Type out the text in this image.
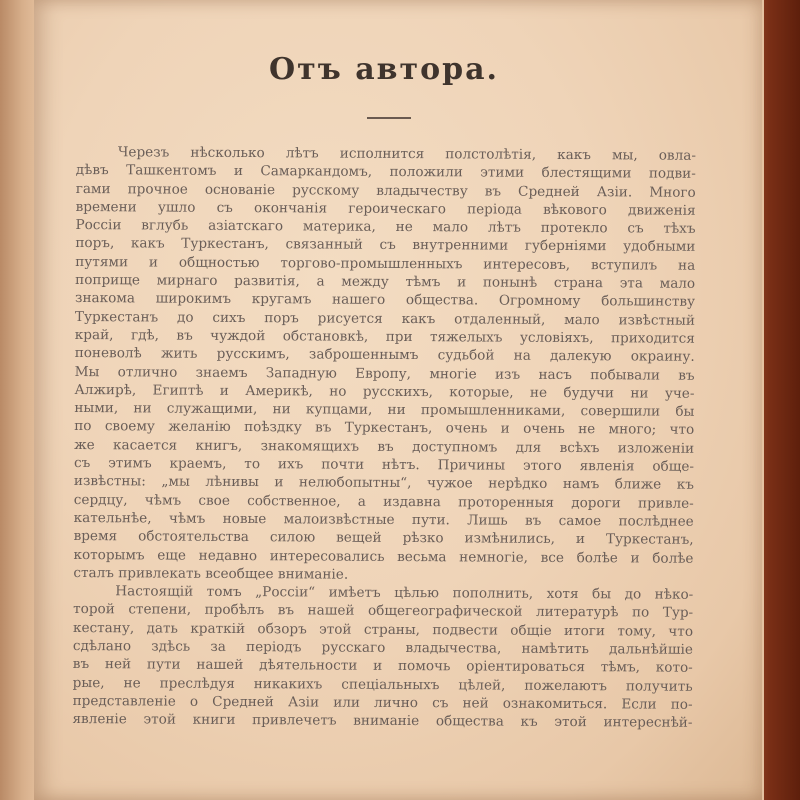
Отъ автора.
Черезъ нѣсколько лѣтъ исполнится полстолѣтія, какъ мы, овла-
дѣвъ Ташкентомъ и Самаркандомъ, положили этими блестящими подви-
гами прочное основаніе русскому владычеству въ Средней Азіи. Много
времени ушло съ окончанія героическаго періода вѣкового движенія
Россіи вглубь азіатскаго материка, не мало лѣтъ протекло съ тѣхъ
поръ, какъ Туркестанъ, связанный съ внутренними губерніями удобными
путями и общностью торгово-промышленныхъ интересовъ, вступилъ на
поприще мирнаго развитія, а между тѣмъ и понынѣ страна эта мало
знакома широкимъ кругамъ нашего общества. Огромному большинству
Туркестанъ до сихъ поръ рисуется какъ отдаленный, мало извѣстный
край, гдѣ, въ чуждой обстановкѣ, при тяжелыхъ условіяхъ, приходится
поневолѣ жить русскимъ, заброшеннымъ судьбой на далекую окраину.
Мы отлично знаемъ Западную Европу, многіе изъ насъ побывали въ
Алжирѣ, Египтѣ и Америкѣ, но русскихъ, которые, не будучи ни уче-
ными, ни служащими, ни купцами, ни промышленниками, совершили бы
по своему желанію поѣздку въ Туркестанъ, очень и очень не много; что
же касается книгъ, знакомящихъ въ доступномъ для всѣхъ изложеніи
съ этимъ краемъ, то ихъ почти нѣтъ. Причины этого явленія обще-
извѣстны: „мы лѣнивы и нелюбопытны“, чужое нерѣдко намъ ближе къ
сердцу, чѣмъ свое собственное, а издавна проторенныя дороги привле-
кательнѣе, чѣмъ новые малоизвѣстные пути. Лишь въ самое послѣднее
время обстоятельства силою вещей рѣзко измѣнились, и Туркестанъ,
которымъ еще недавно интересовались весьма немногіе, все болѣе и болѣе
сталъ привлекать всеобщее вниманіе.
Настоящій томъ „Россіи“ имѣетъ цѣлью пополнить, хотя бы до нѣко-
торой степени, пробѣлъ въ нашей общегеографической литературѣ по Тур-
кестану, дать краткій обзоръ этой страны, подвести общіе итоги тому, что
сдѣлано здѣсь за періодъ русскаго владычества, намѣтить дальнѣйшіе
въ ней пути нашей дѣятельности и помочь оріентироваться тѣмъ, кото-
рые, не преслѣдуя никакихъ спеціальныхъ цѣлей, пожелаютъ получить
представленіе о Средней Азіи или лично съ ней ознакомиться. Если по-
явленіе этой книги привлечетъ вниманіе общества къ этой интереснѣй-
